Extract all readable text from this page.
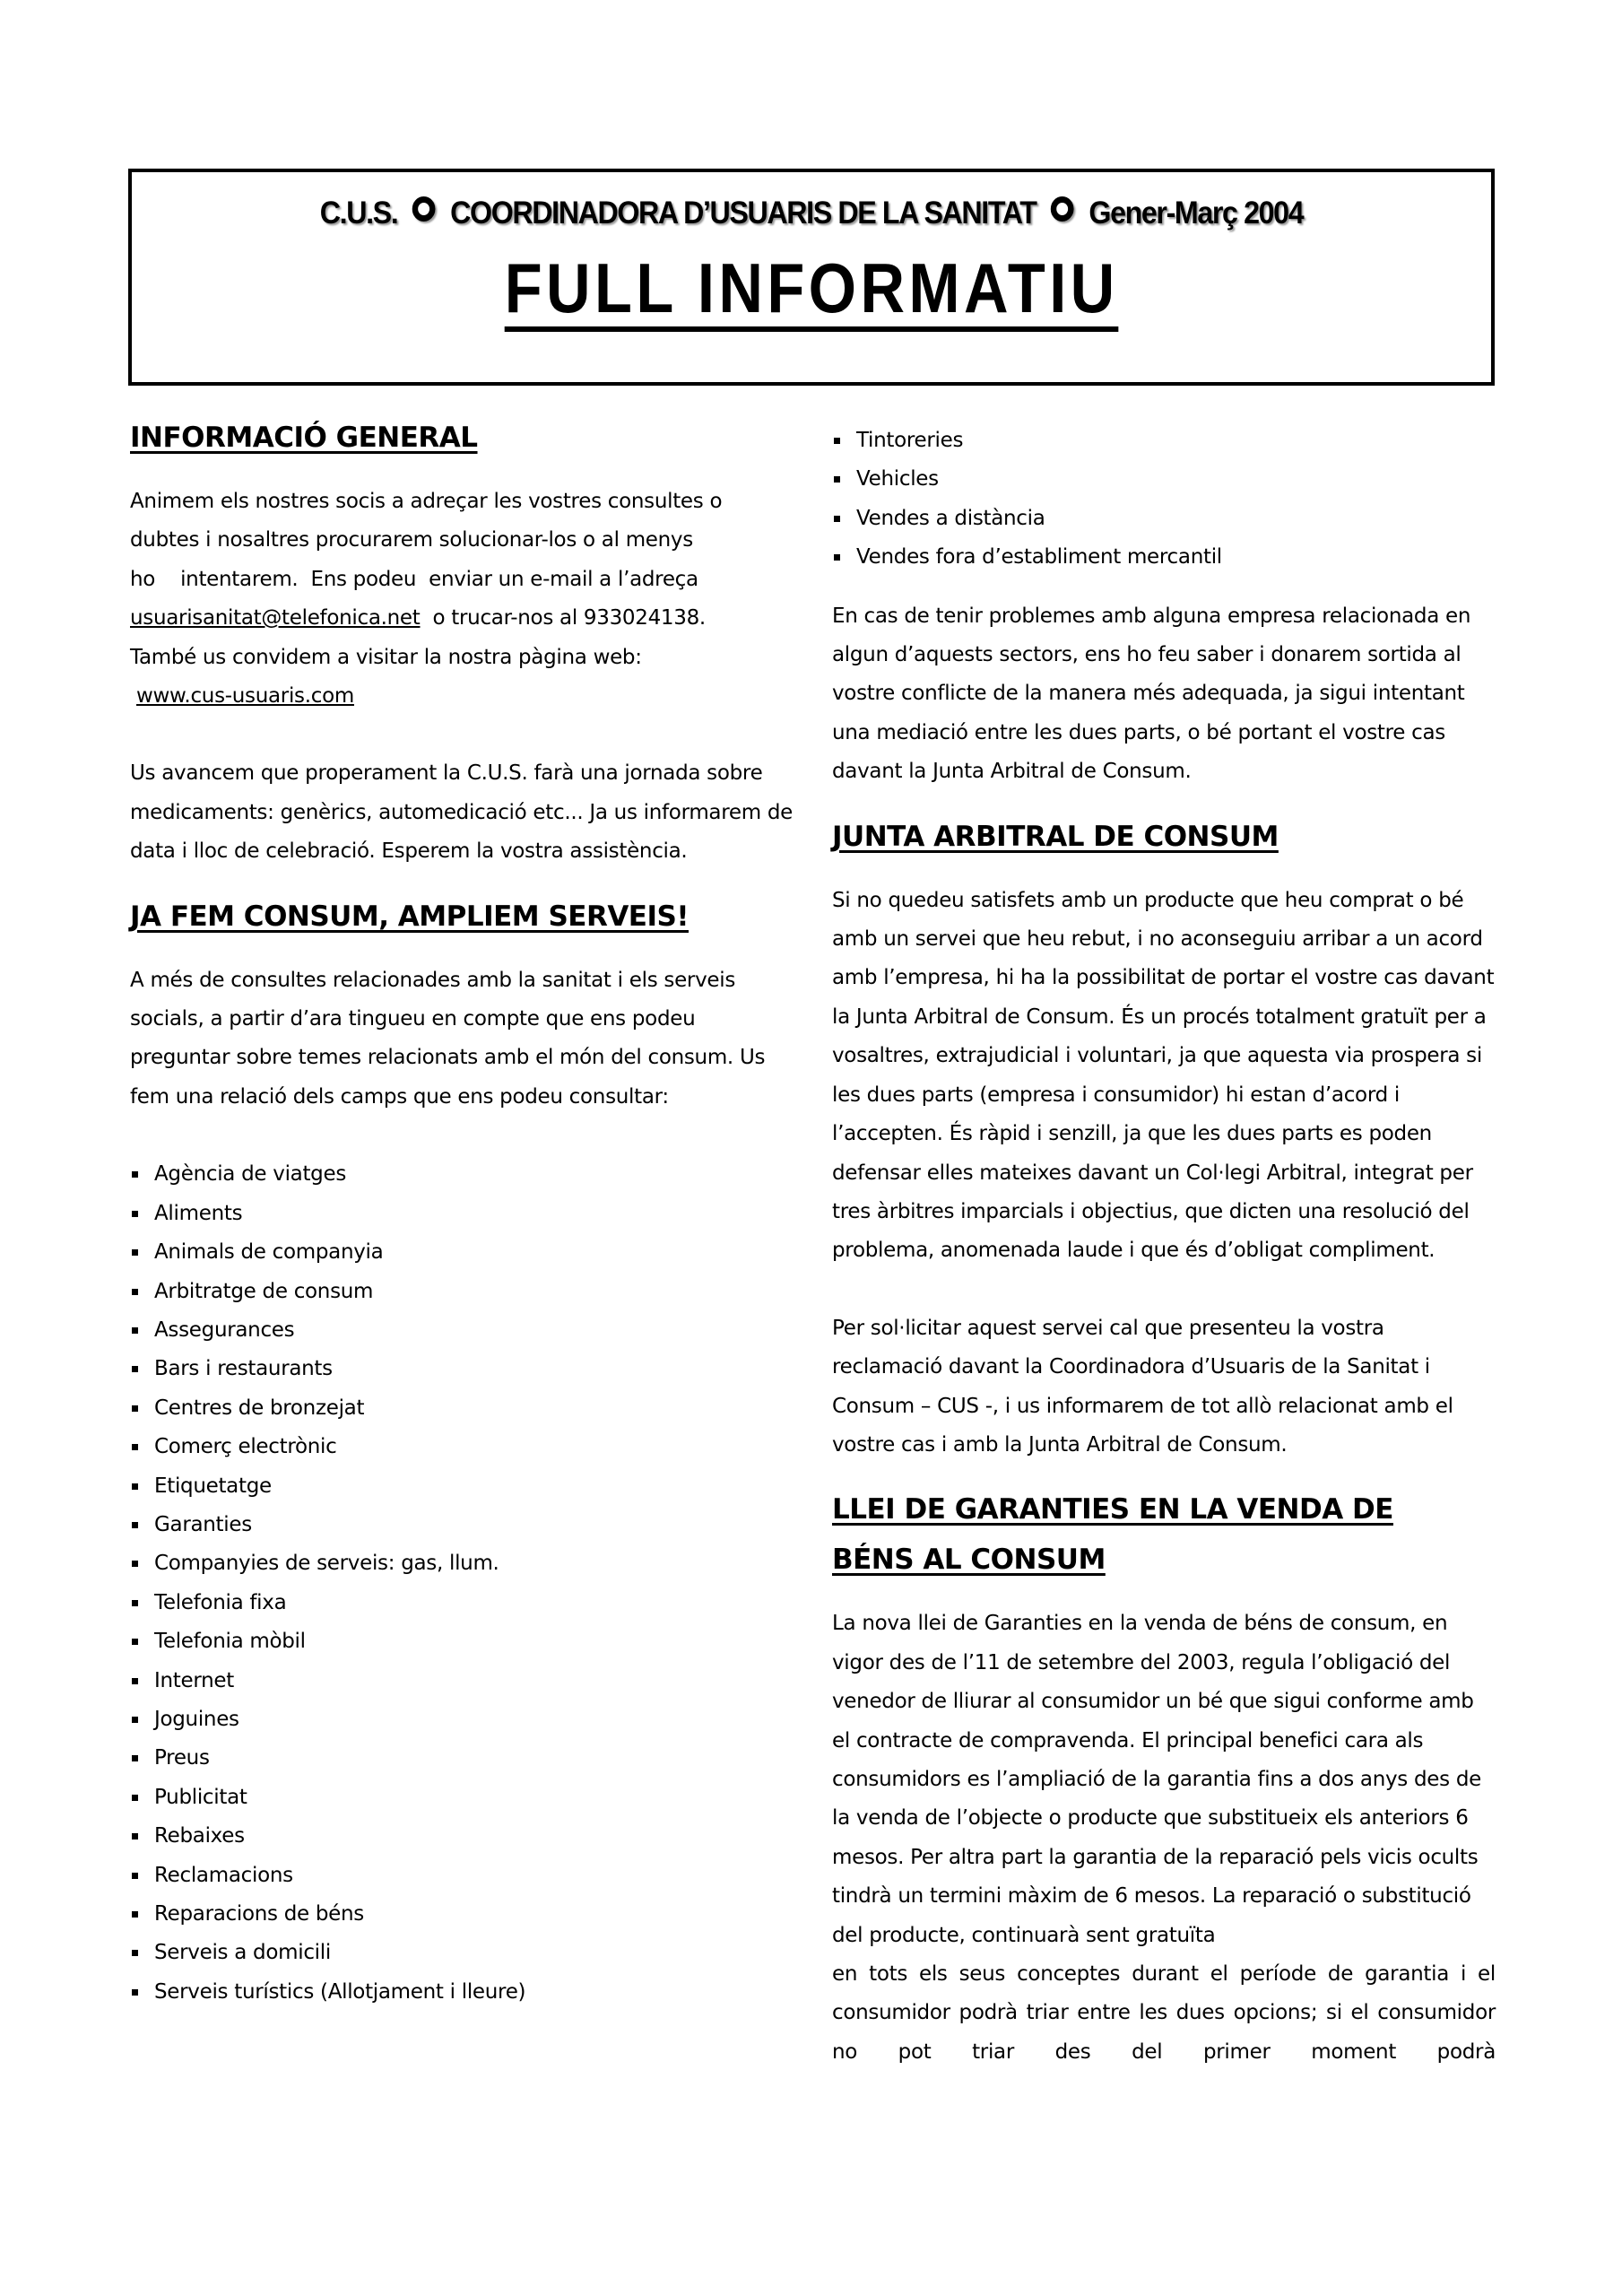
C.U.S. COORDINADORA D’USUARIS DE LA SANITAT Gener-Març 2004
FULL INFORMATIU
INFORMACIÓ GENERAL

Animem els nostres socis a adreçar les vostres consultes o
dubtes i nosaltres procurarem solucionar-los o al menys
ho    intentarem.  Ens podeu  enviar un e-mail a l’adreça
usuarisanitat@telefonica.net  o trucar-nos al 933024138.
També us convidem a visitar la nostra pàgina web:
www.cus-usuaris.com

Us avancem que properament la C.U.S. farà una jornada sobre medicaments: genèrics, automedicació etc... Ja us informarem de data i lloc de celebració. Esperem la vostra assistència.

JA FEM CONSUM, AMPLIEM SERVEIS!

A més de consultes relacionades amb la sanitat i els serveis socials, a partir d’ara tingueu en compte que ens podeu preguntar sobre temes relacionats amb el món del consum. Us fem una relació dels camps que ens podeu consultar:

Agència de viatges
Aliments
Animals de companyia
Arbitratge de consum
Assegurances
Bars i restaurants
Centres de bronzejat
Comerç electrònic
Etiquetatge
Garanties
Companyies de serveis: gas, llum.
Telefonia fixa
Telefonia mòbil
Internet
Joguines
Preus
Publicitat
Rebaixes
Reclamacions
Reparacions de béns
Serveis a domicili
Serveis turístics (Allotjament i lleure)
Tintoreries
Vehicles
Vendes a distància
Vendes fora d’establiment mercantil

En cas de tenir problemes amb alguna empresa relacionada en algun d’aquests sectors, ens ho feu saber i donarem sortida al vostre conflicte de la manera més adequada, ja sigui intentant una mediació entre les dues parts, o bé portant el vostre cas davant la Junta Arbitral de Consum.

JUNTA ARBITRAL DE CONSUM

Si no quedeu satisfets amb un producte que heu comprat o bé amb un servei que heu rebut, i no aconseguiu arribar a un acord amb l’empresa, hi ha la possibilitat de portar el vostre cas davant la Junta Arbitral de Consum. És un procés totalment gratuït per a vosaltres, extrajudicial i voluntari, ja que aquesta via prospera si les dues parts (empresa i consumidor) hi estan d’acord i l’accepten. És ràpid i senzill, ja que les dues parts es poden defensar elles mateixes davant un Col·legi Arbitral, integrat per tres àrbitres imparcials i objectius, que dicten una resolució del problema, anomenada laude i que és d’obligat compliment.

Per sol·licitar aquest servei cal que presenteu la vostra reclamació davant la Coordinadora d’Usuaris de la Sanitat i Consum – CUS -, i us informarem de tot allò relacionat amb el vostre cas i amb la Junta Arbitral de Consum.

LLEI DE GARANTIES EN LA VENDA DE
BÉNS AL CONSUM

La nova llei de Garanties en la venda de béns de consum, en vigor des de l’11 de setembre del 2003, regula l’obligació del venedor de lliurar al consumidor un bé que sigui conforme amb el contracte de compravenda. El principal benefici cara als consumidors es l’ampliació de la garantia fins a dos anys des de la venda de l’objecte o producte que substitueix els anteriors 6 mesos. Per altra part la garantia de la reparació pels vicis ocults tindrà un termini màxim de 6 mesos. La reparació o substitució del producte, continuarà sent gratuïta
en tots els seus conceptes durant el període de garantia i el consumidor podrà triar entre les dues opcions; si el consumidor no pot triar des del primer moment podrà
